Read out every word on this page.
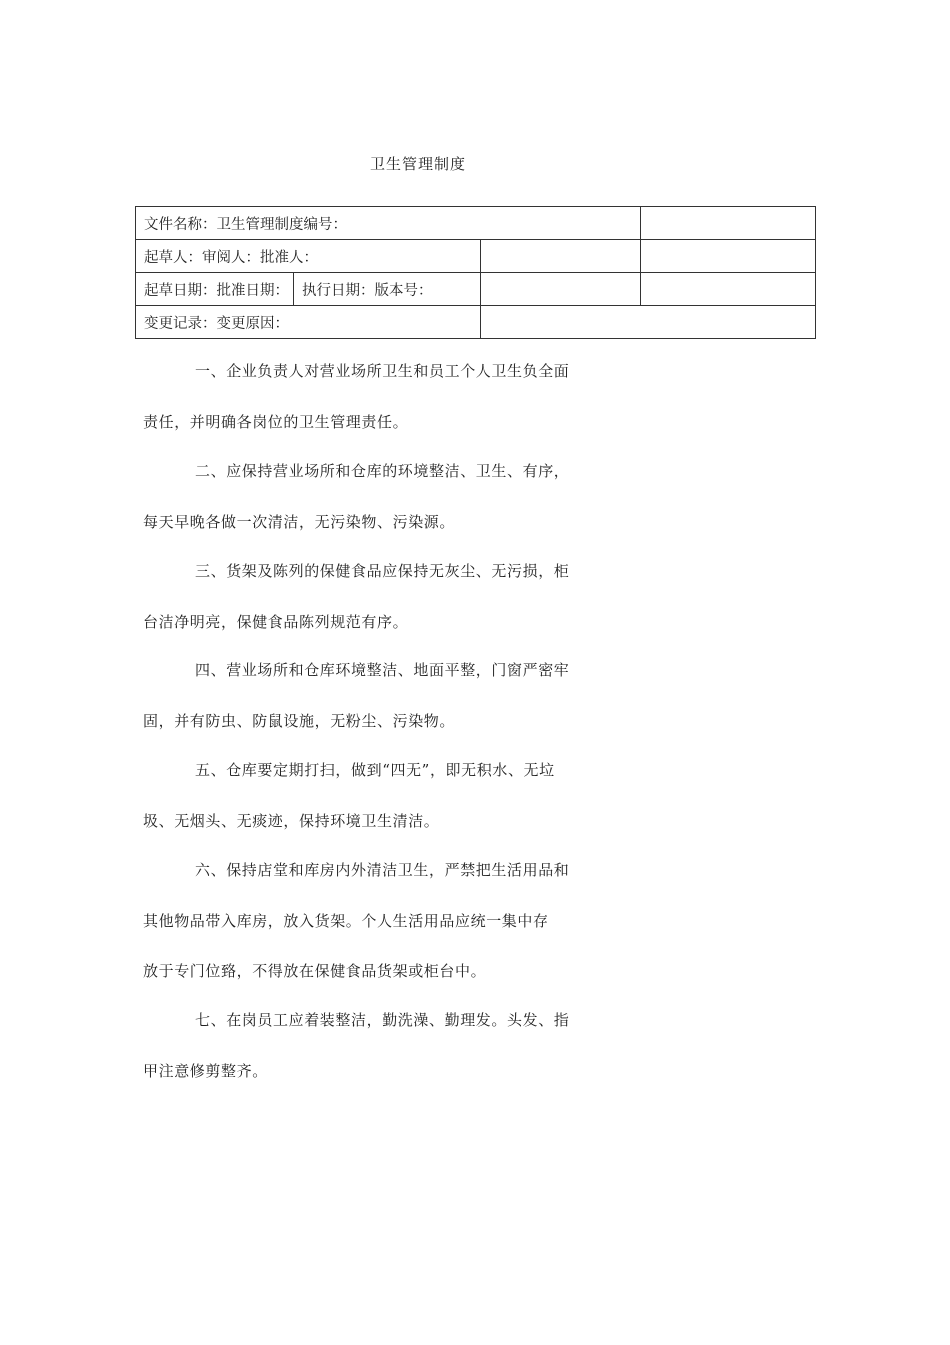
卫生管理制度
文件名称：卫生管理制度编号：			
起草人：审阅人：批准人：			
起草日期：批准日期：	执行日期：版本号：		
变更记录：变更原因：			
一、企业负责人对营业场所卫生和员工个人卫生负全面
责任，并明确各岗位的卫生管理责任。
二、应保持营业场所和仓库的环境整洁、卫生、有序，
每天早晚各做一次清洁，无污染物、污染源。
三、货架及陈列的保健食品应保持无灰尘、无污损，柜
台洁净明亮，保健食品陈列规范有序。
四、营业场所和仓库环境整洁、地面平整，门窗严密牢
固，并有防虫、防鼠设施，无粉尘、污染物。
五、仓库要定期打扫，做到“四无”，即无积水、无垃
圾、无烟头、无痰迹，保持环境卫生清洁。
六、保持店堂和库房内外清洁卫生，严禁把生活用品和
其他物品带入库房，放入货架。个人生活用品应统一集中存
放于专门位臵，不得放在保健食品货架或柜台中。
七、在岗员工应着装整洁，勤洗澡、勤理发。头发、指
甲注意修剪整齐。
